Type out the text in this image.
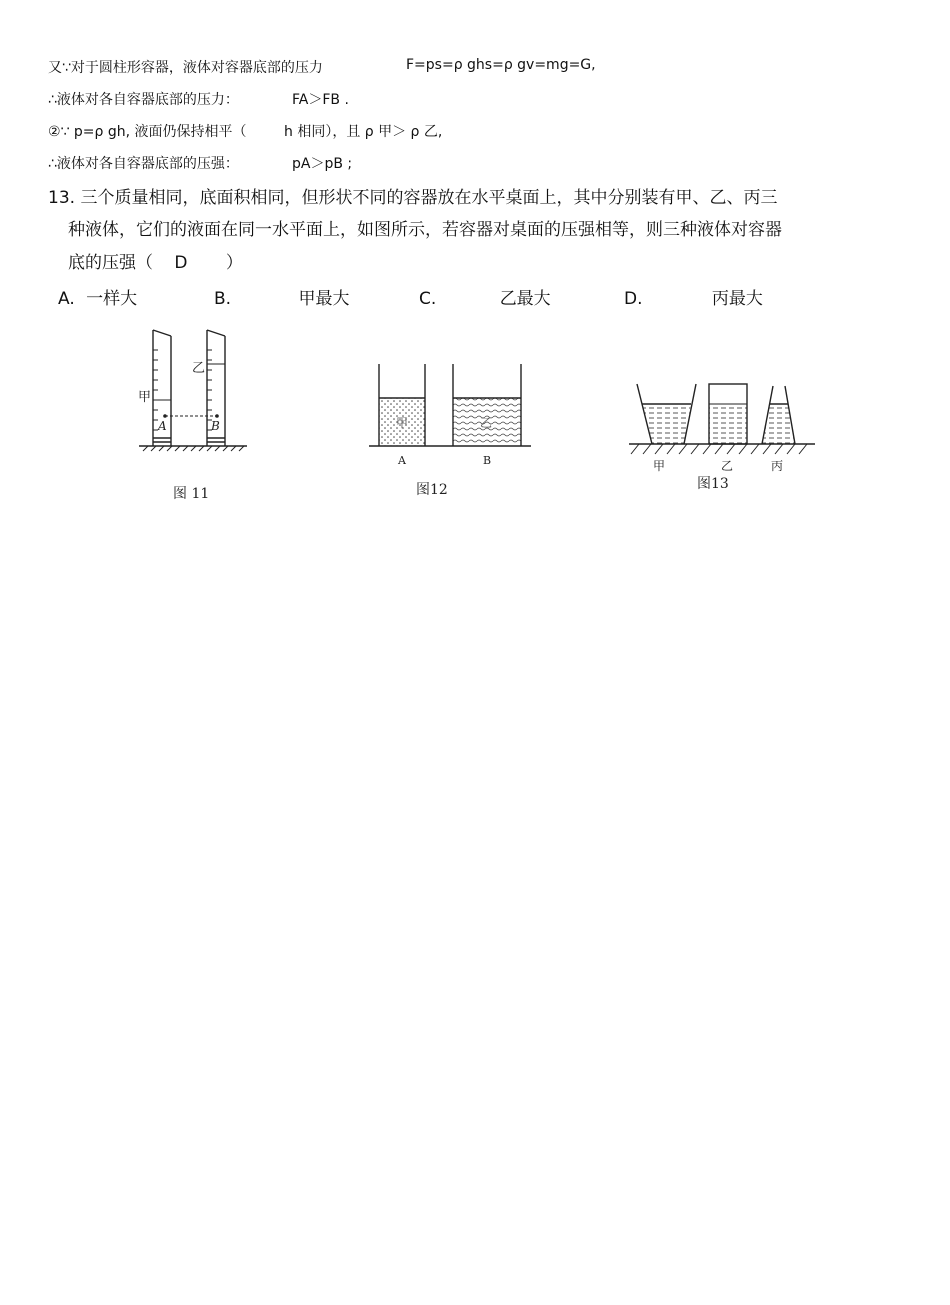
又∵对于圆柱形容器，液体对容器底部的压力	F=ps=ρ ghs=ρ gv=mg=G,
∴液体对各自容器底部的压力：	FA＞FB .
②∵ p=ρ gh, 液面仍保持相平（	h 相同），且 ρ 甲＞ ρ 乙,
∴液体对各自容器底部的压强：	pA＞pB ;
13. 三个质量相同，底面积相同，但形状不同的容器放在水平桌面上，其中分别装有甲、乙、丙三
种液体，它们的液面在同一水平面上，如图所示，若容器对桌面的压强相等，则三种液体对容器
底的压强（ D ）
A. 一样大	B.	甲最大	C.	乙最大	D.	丙最大
甲
乙
A	B
图 11
甲	乙
A	B
图12
甲	乙	丙
图13
